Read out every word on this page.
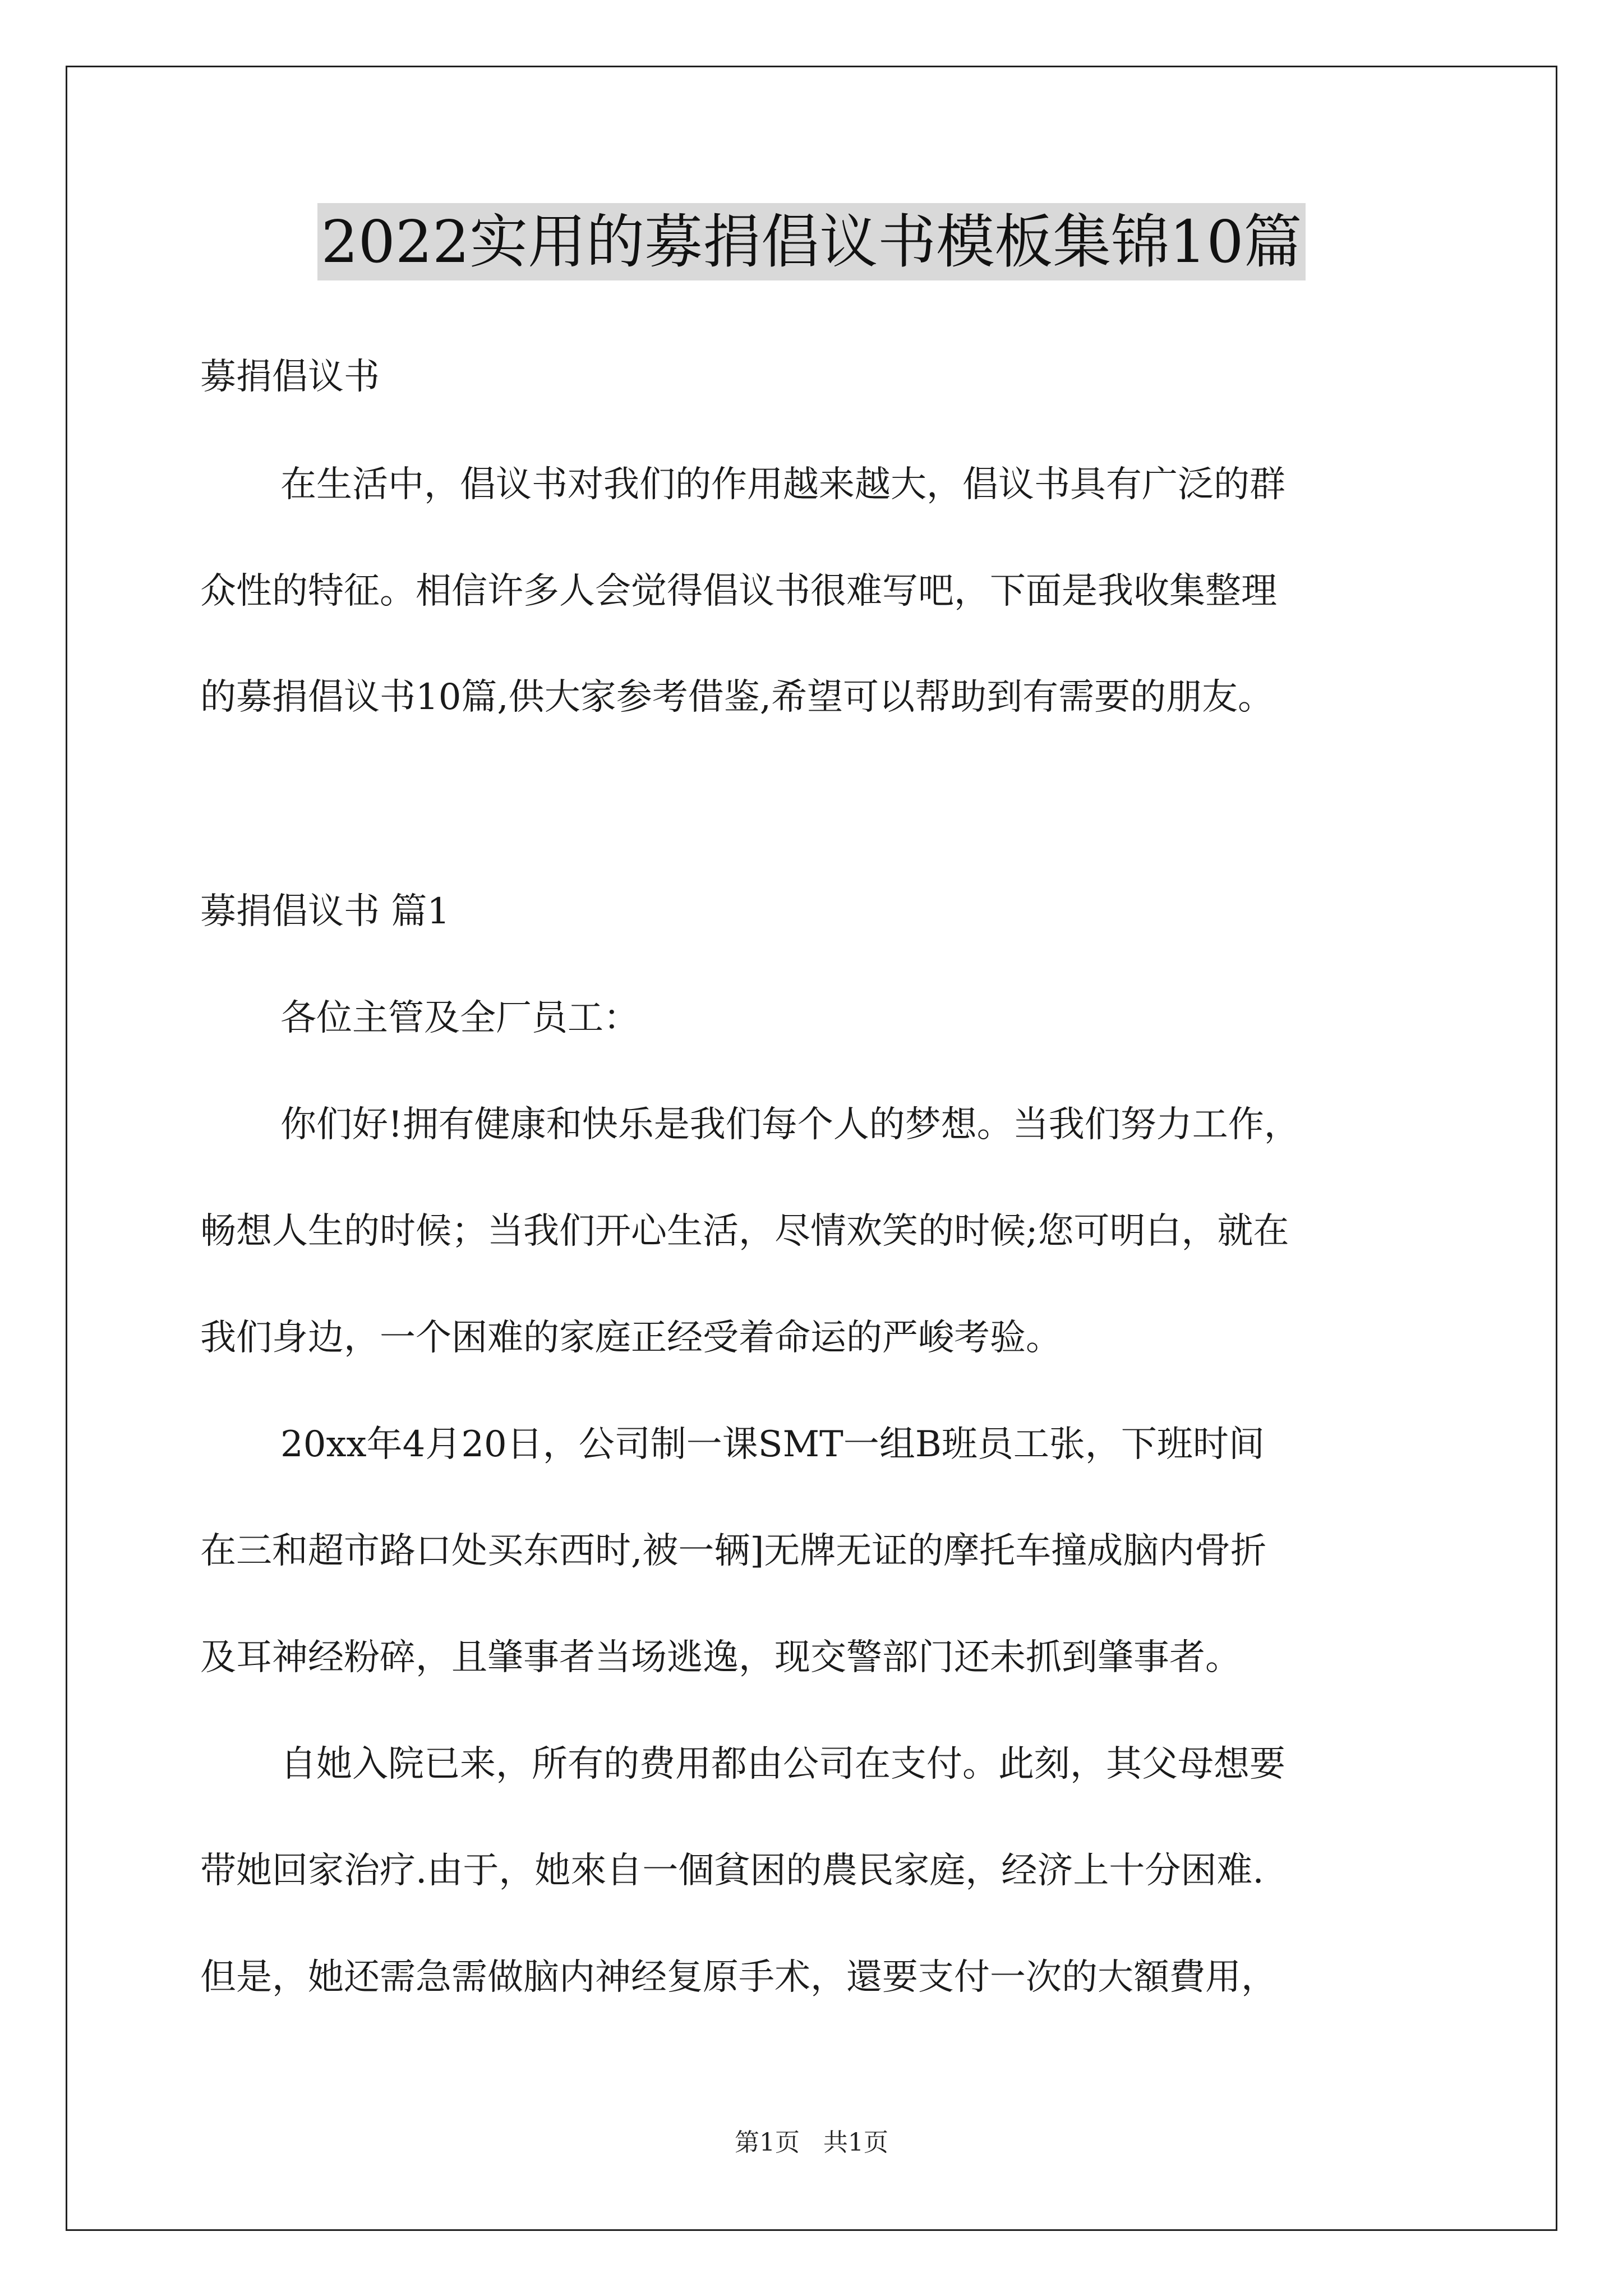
2022实用的募捐倡议书模板集锦10篇
募捐倡议书
在生活中，倡议书对我们的作用越来越大，倡议书具有广泛的群
众性的特征。相信许多人会觉得倡议书很难写吧，下面是我收集整理
的募捐倡议书10篇,供大家参考借鉴,希望可以帮助到有需要的朋友。
募捐倡议书 篇1
各位主管及全厂员工：
你们好!拥有健康和快乐是我们每个人的梦想。当我们努力工作，
畅想人生的时候；当我们开心生活，尽情欢笑的时候;您可明白，就在
我们身边，一个困难的家庭正经受着命运的严峻考验。
20xx年4月20日，公司制一课SMT一组B班员工张，下班时间
在三和超市路口处买东西时,被一辆]无牌无证的摩托车撞成脑内骨折
及耳神经粉碎，且肇事者当场逃逸，现交警部门还未抓到肇事者。
自她入院已来，所有的费用都由公司在支付。此刻，其父母想要
带她回家治疗.由于，她來自一個貧困的農民家庭，经济上十分困难.
但是，她还需急需做脑内神经复原手术，還要支付一次的大額費用，
第1页   共1页
